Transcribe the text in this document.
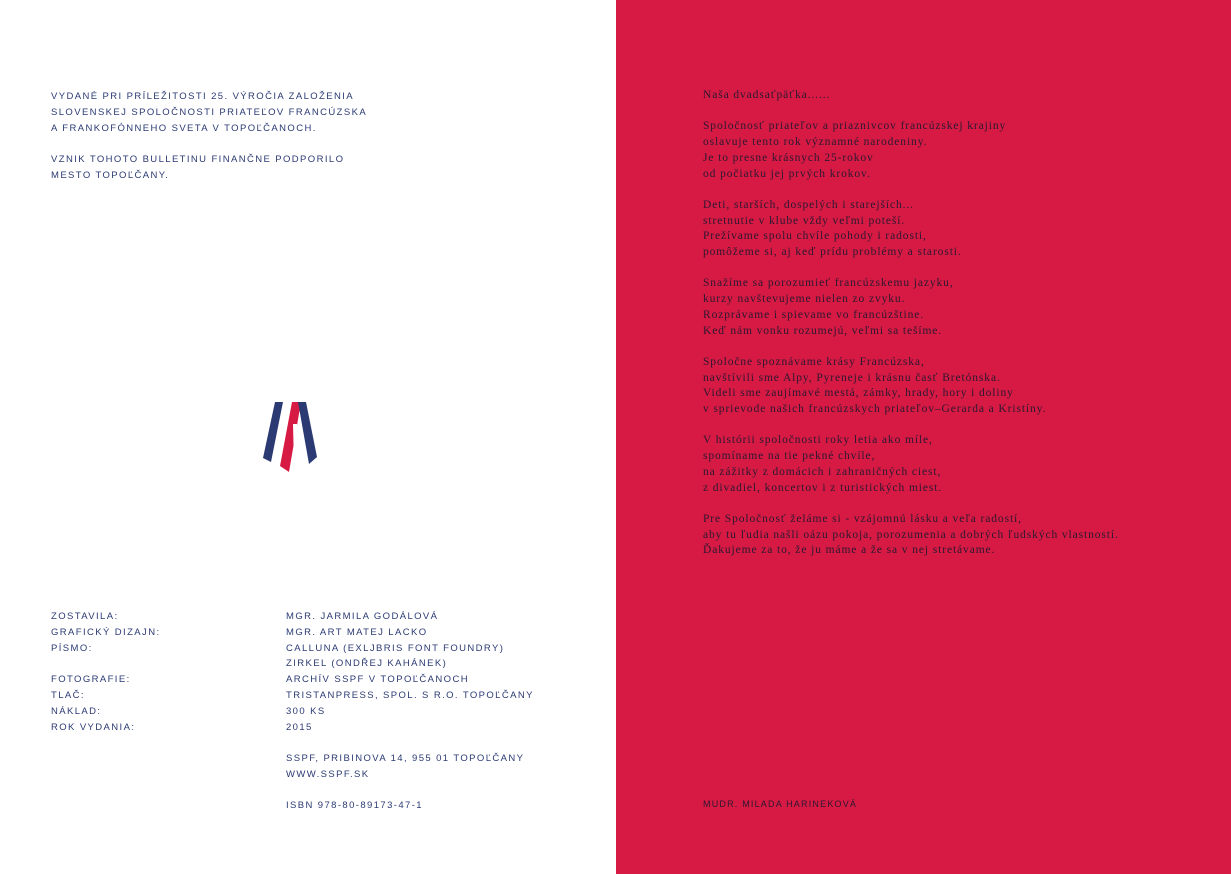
VYDANÉ PRI PRÍLEŽITOSTI 25. VÝROČIA ZALOŽENIA
SLOVENSKEJ SPOLOČNOSTI PRIATEĽOV FRANCÚZSKA
A FRANKOFÓNNEHO SVETA V TOPOĽČANOCH.
VZNIK TOHOTO BULLETINU FINANČNE PODPORILO
MESTO TOPOĽČANY.
ZOSTAVILA:	MGR. JARMILA GODÁLOVÁ
GRAFICKÝ DIZAJN:	MGR. ART MATEJ LACKO
PÍSMO:	CALLUNA (EXLJBRIS FONT FOUNDRY)
ZIRKEL (ONDŘEJ KAHÁNEK)
FOTOGRAFIE:	ARCHÍV SSPF V TOPOĽČANOCH
TLAČ:	TRISTANPRESS, SPOL. S R.O. TOPOĽČANY
NÁKLAD:	300 KS
ROK VYDANIA:	2015
SSPF, PRIBINOVA 14, 955 01 TOPOĽČANY
WWW.SSPF.SK
ISBN 978-80-89173-47-1
Naša dvadsaťpäťka......
Spoločnosť priateľov a priaznivcov francúzskej krajiny
oslavuje tento rok významné narodeniny.
Je to presne krásnych 25-rokov
od počiatku jej prvých krokov.
Deti, starších, dospelých i starejších...
stretnutie v klube vždy veľmi poteší.
Prežívame spolu chvíle pohody i radosti,
pomôžeme si, aj keď prídu problémy a starosti.
Snažíme sa porozumieť francúzskemu jazyku,
kurzy navštevujeme nielen zo zvyku.
Rozprávame i spievame vo francúzštine.
Keď nám vonku rozumejú, veľmi sa tešíme.
Spoločne spoznávame krásy Francúzska,
navštívili sme Alpy, Pyreneje i krásnu časť Bretónska.
Videli sme zaujímavé mestá, zámky, hrady, hory i doliny
v sprievode našich francúzskych priateľov–Gerarda a Kristíny.
V histórii spoločnosti roky letia ako míle,
spomíname na tie pekné chvíle,
na zážitky z domácich i zahraničných ciest,
z divadiel, koncertov i z turistických miest.
Pre Spoločnosť želáme si - vzájomnú lásku a veľa radostí,
aby tu ľudia našli oázu pokoja, porozumenia a dobrých ľudských vlastností.
Ďakujeme za to, že ju máme a že sa v nej stretávame.
MUDR. MILADA HARINEKOVÁ
